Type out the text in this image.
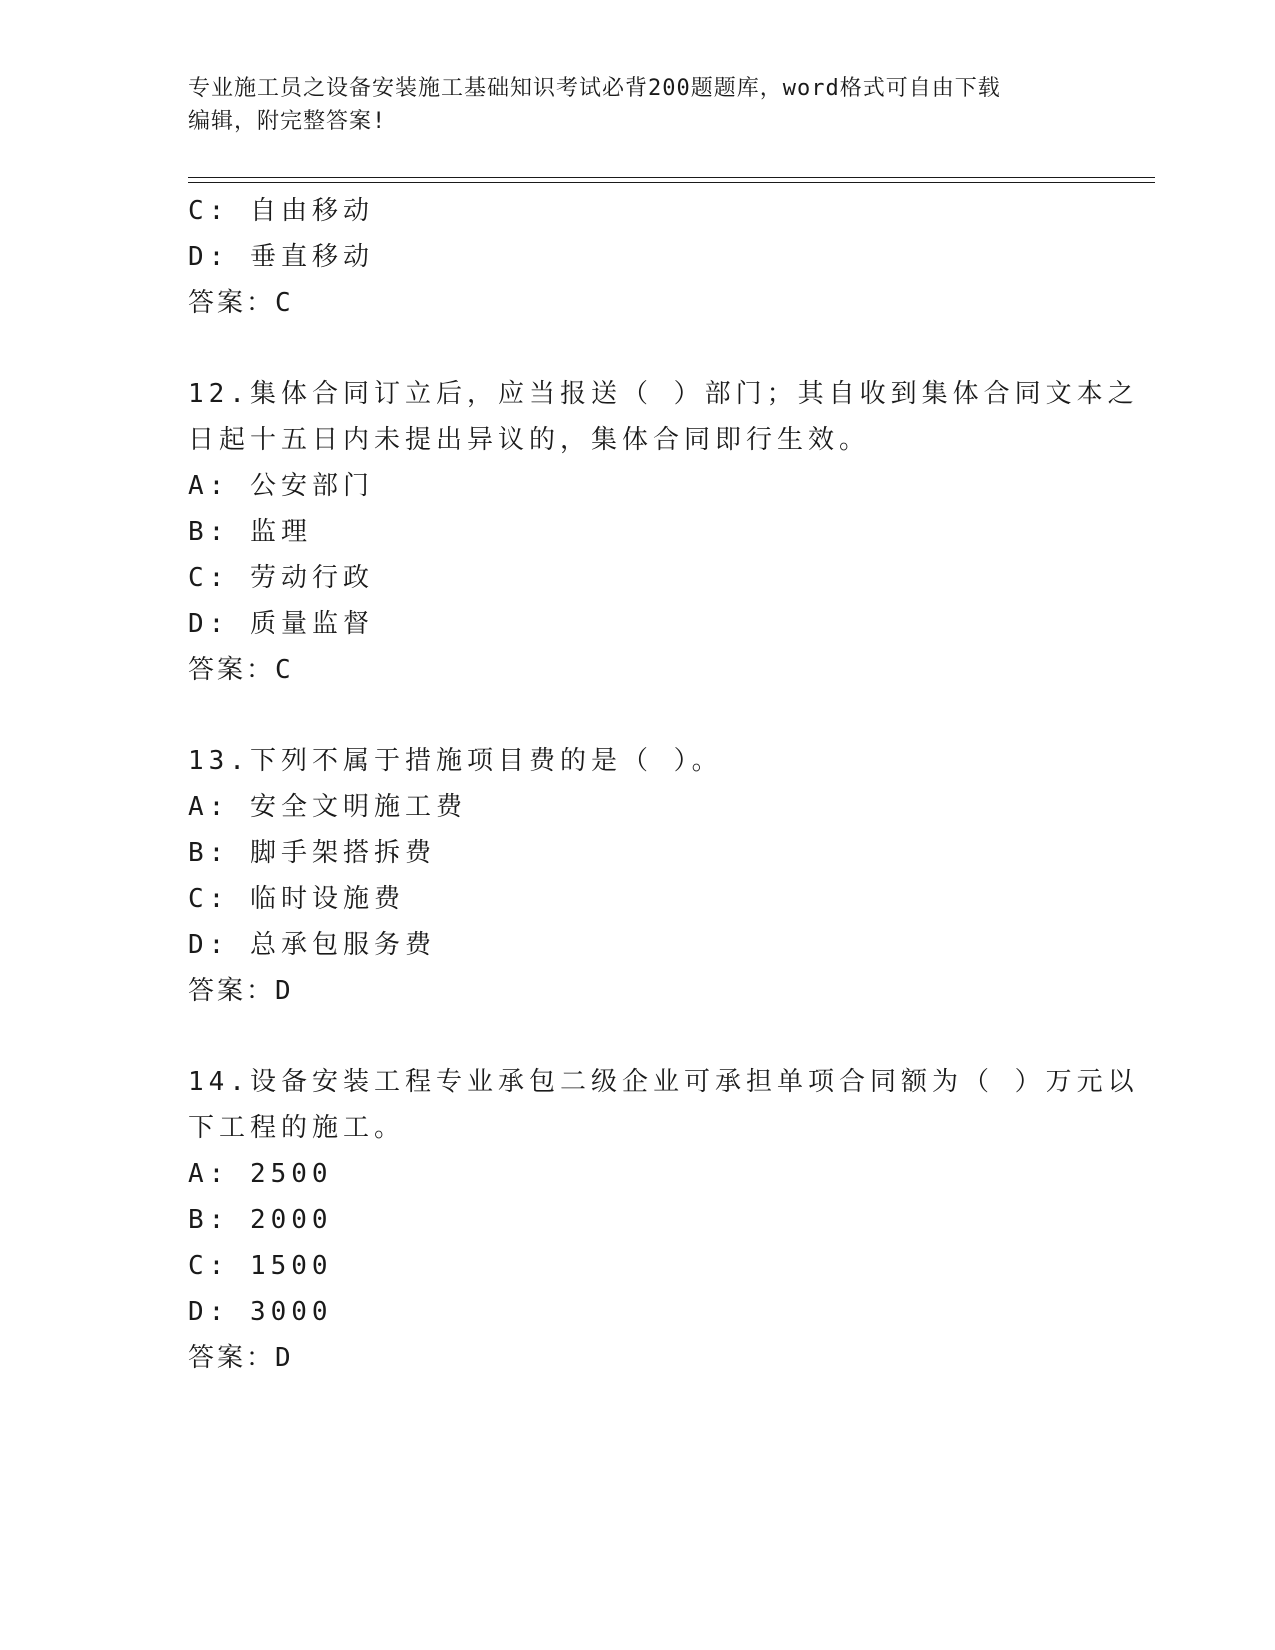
专业施工员之设备安装施工基础知识考试必背200题题库，word格式可自由下载
编辑，附完整答案!
C: 自由移动
D: 垂直移动
答案：C
12.集体合同订立后，应当报送（ ）部门；其自收到集体合同文本之
日起十五日内未提出异议的，集体合同即行生效。
A: 公安部门
B: 监理
C: 劳动行政
D: 质量监督
答案：C
13.下列不属于措施项目费的是（ ）。
A: 安全文明施工费
B: 脚手架搭拆费
C: 临时设施费
D: 总承包服务费
答案：D
14.设备安装工程专业承包二级企业可承担单项合同额为（ ）万元以
下工程的施工。
A: 2500
B: 2000
C: 1500
D: 3000
答案：D
